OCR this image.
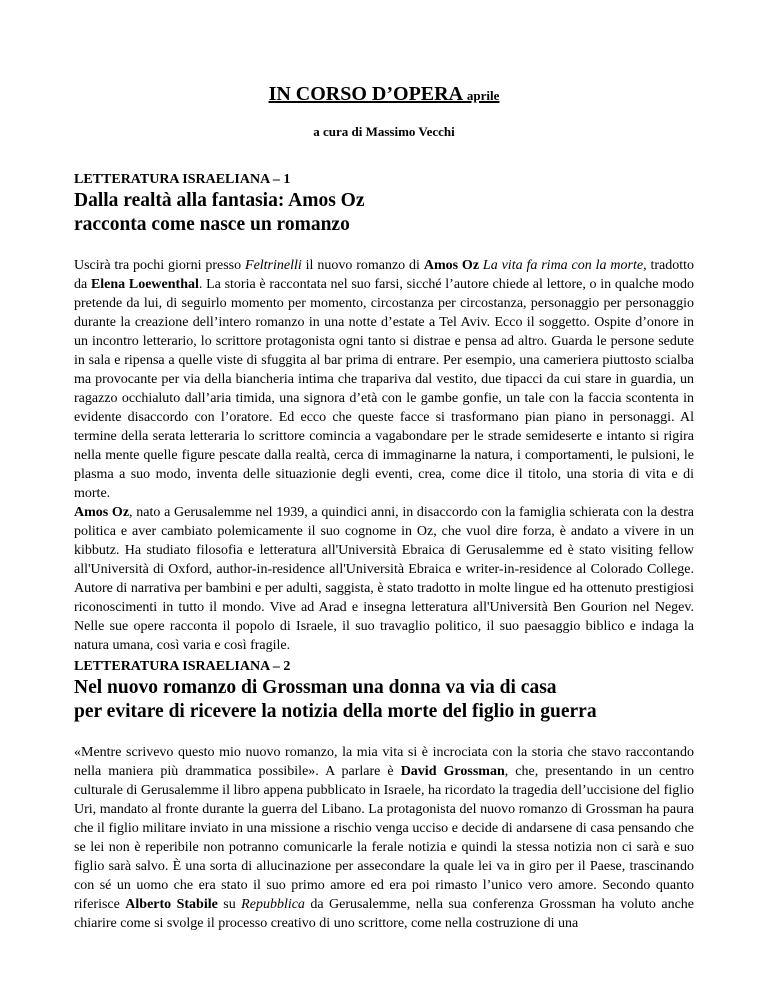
IN CORSO D’OPERA aprile
a cura di Massimo Vecchi
LETTERATURA ISRAELIANA – 1
Dalla realtà alla fantasia: Amos Oz
racconta come nasce un romanzo

Uscirà tra pochi giorni presso Feltrinelli il nuovo romanzo di Amos Oz La vita fa rima con la morte, tradotto da Elena Loewenthal. La storia è raccontata nel suo farsi, sicché l’autore chiede al lettore, o in qualche modo pretende da lui, di seguirlo momento per momento, circostanza per circostanza, personaggio per personaggio durante la creazione dell’intero romanzo in una notte d’estate a Tel Aviv. Ecco il soggetto. Ospite d’onore in un incontro letterario, lo scrittore protagonista ogni tanto si distrae e pensa ad altro. Guarda le persone sedute in sala e ripensa a quelle viste di sfuggita al bar prima di entrare. Per esempio, una cameriera piuttosto scialba ma provocante per via della biancheria intima che trapariva dal vestito, due tipacci da cui stare in guardia, un ragazzo occhialuto dall’aria timida, una signora d’età con le gambe gonfie, un tale con la faccia scontenta in evidente disaccordo con l’oratore. Ed ecco che queste facce si trasformano pian piano in personaggi. Al termine della serata letteraria lo scrittore comincia a vagabondare per le strade semideserte e intanto si rigira nella mente quelle figure pescate dalla realtà, cerca di immaginarne la natura, i comportamenti, le pulsioni, le plasma a suo modo, inventa delle situazionie degli eventi, crea, come dice il titolo, una storia di vita e di morte.

Amos Oz, nato a Gerusalemme nel 1939, a quindici anni, in disaccordo con la famiglia schierata con la destra politica e aver cambiato polemicamente il suo cognome in Oz, che vuol dire forza, è andato a vivere in un kibbutz. Ha studiato filosofia e letteratura all'Università Ebraica di Gerusalemme ed è stato visiting fellow all'Università di Oxford, author-in-residence all'Università Ebraica e writer-in-residence al Colorado College. Autore di narrativa per bambini e per adulti, saggista, è stato tradotto in molte lingue ed ha ottenuto prestigiosi riconoscimenti in tutto il mondo. Vive ad Arad e insegna letteratura all'Università Ben Gourion nel Negev. Nelle sue opere racconta il popolo di Israele, il suo travaglio politico, il suo paesaggio biblico e indaga la natura umana, così varia e così fragile.

LETTERATURA ISRAELIANA – 2
Nel nuovo romanzo di Grossman una donna va via di casa
per evitare di ricevere la notizia della morte del figlio in guerra

«Mentre scrivevo questo mio nuovo romanzo, la mia vita si è incrociata con la storia che stavo raccontando nella maniera più drammatica possibile». A parlare è David Grossman, che, presentando in un centro culturale di Gerusalemme il libro appena pubblicato in Israele, ha ricordato la tragedia dell’uccisione del figlio Uri, mandato al fronte durante la guerra del Libano. La protagonista del nuovo romanzo di Grossman ha paura che il figlio militare inviato in una missione a rischio venga ucciso e decide di andarsene di casa pensando che se lei non è reperibile non potranno comunicarle la ferale notizia e quindi la stessa notizia non ci sarà e suo figlio sarà salvo. È una sorta di allucinazione per assecondare la quale lei va in giro per il Paese, trascinando con sé un uomo che era stato il suo primo amore ed era poi rimasto l’unico vero amore. Secondo quanto riferisce Alberto Stabile su Repubblica da Gerusalemme, nella sua conferenza Grossman ha voluto anche chiarire come si svolge il processo creativo di uno scrittore, come nella costruzione di una
